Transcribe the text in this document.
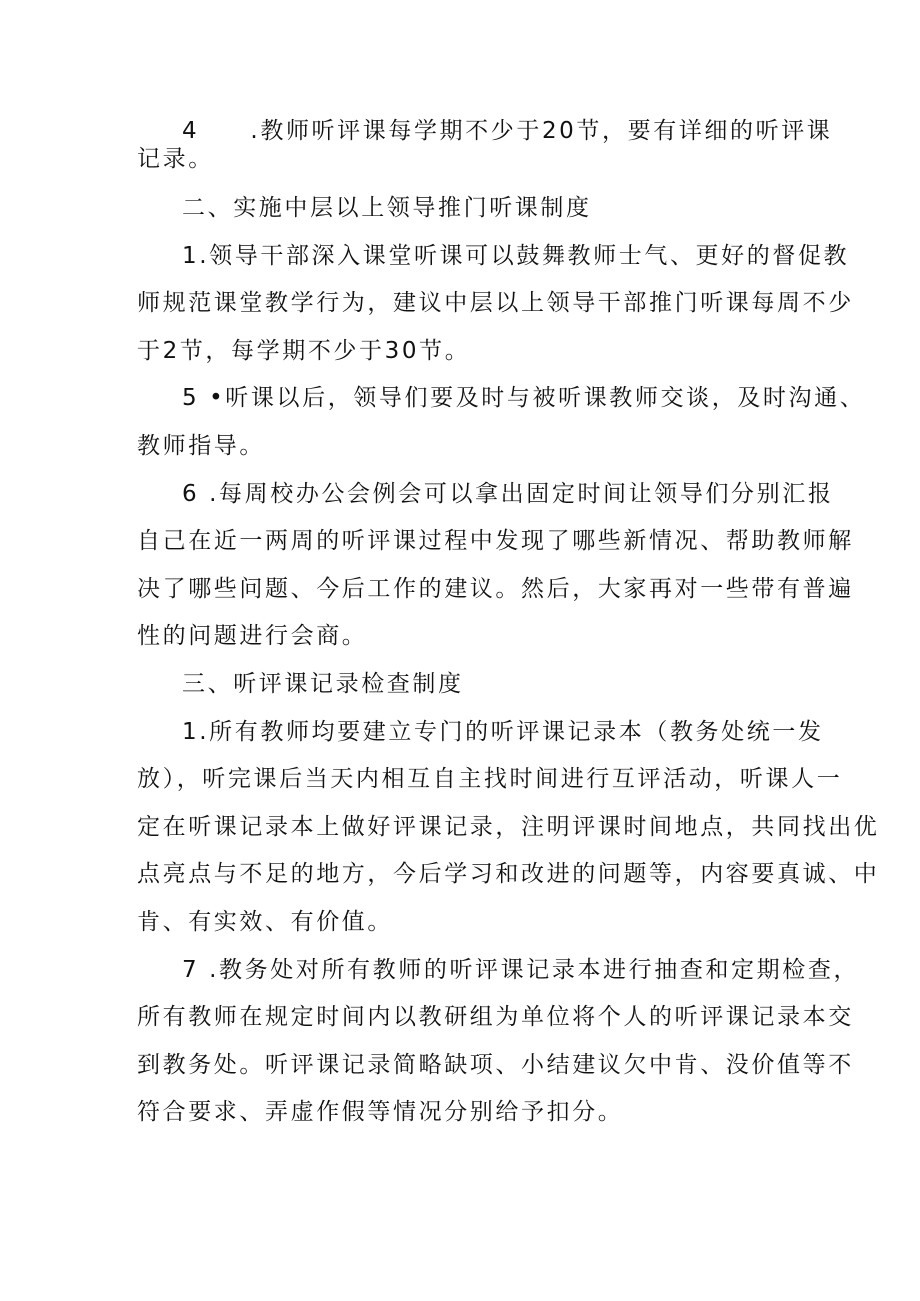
4　　.教师听评课每学期不少于20节，要有详细的听评课
记录。
二、实施中层以上领导推门听课制度
1.领导干部深入课堂听课可以鼓舞教师士气、更好的督促教
师规范课堂教学行为，建议中层以上领导干部推门听课每周不少
于2节，每学期不少于30节。
5 •听课以后，领导们要及时与被听课教师交谈，及时沟通、
教师指导。
6 .每周校办公会例会可以拿出固定时间让领导们分别汇报
自己在近一两周的听评课过程中发现了哪些新情况、帮助教师解
决了哪些问题、今后工作的建议。然后，大家再对一些带有普遍
性的问题进行会商。
三、听评课记录检查制度
1.所有教师均要建立专门的听评课记录本（教务处统一发
放），听完课后当天内相互自主找时间进行互评活动，听课人一
定在听课记录本上做好评课记录，注明评课时间地点，共同找出优
点亮点与不足的地方，今后学习和改进的问题等，内容要真诚、中
肯、有实效、有价值。
7 .教务处对所有教师的听评课记录本进行抽查和定期检查，
所有教师在规定时间内以教研组为单位将个人的听评课记录本交
到教务处。听评课记录简略缺项、小结建议欠中肯、没价值等不
符合要求、弄虚作假等情况分别给予扣分。
